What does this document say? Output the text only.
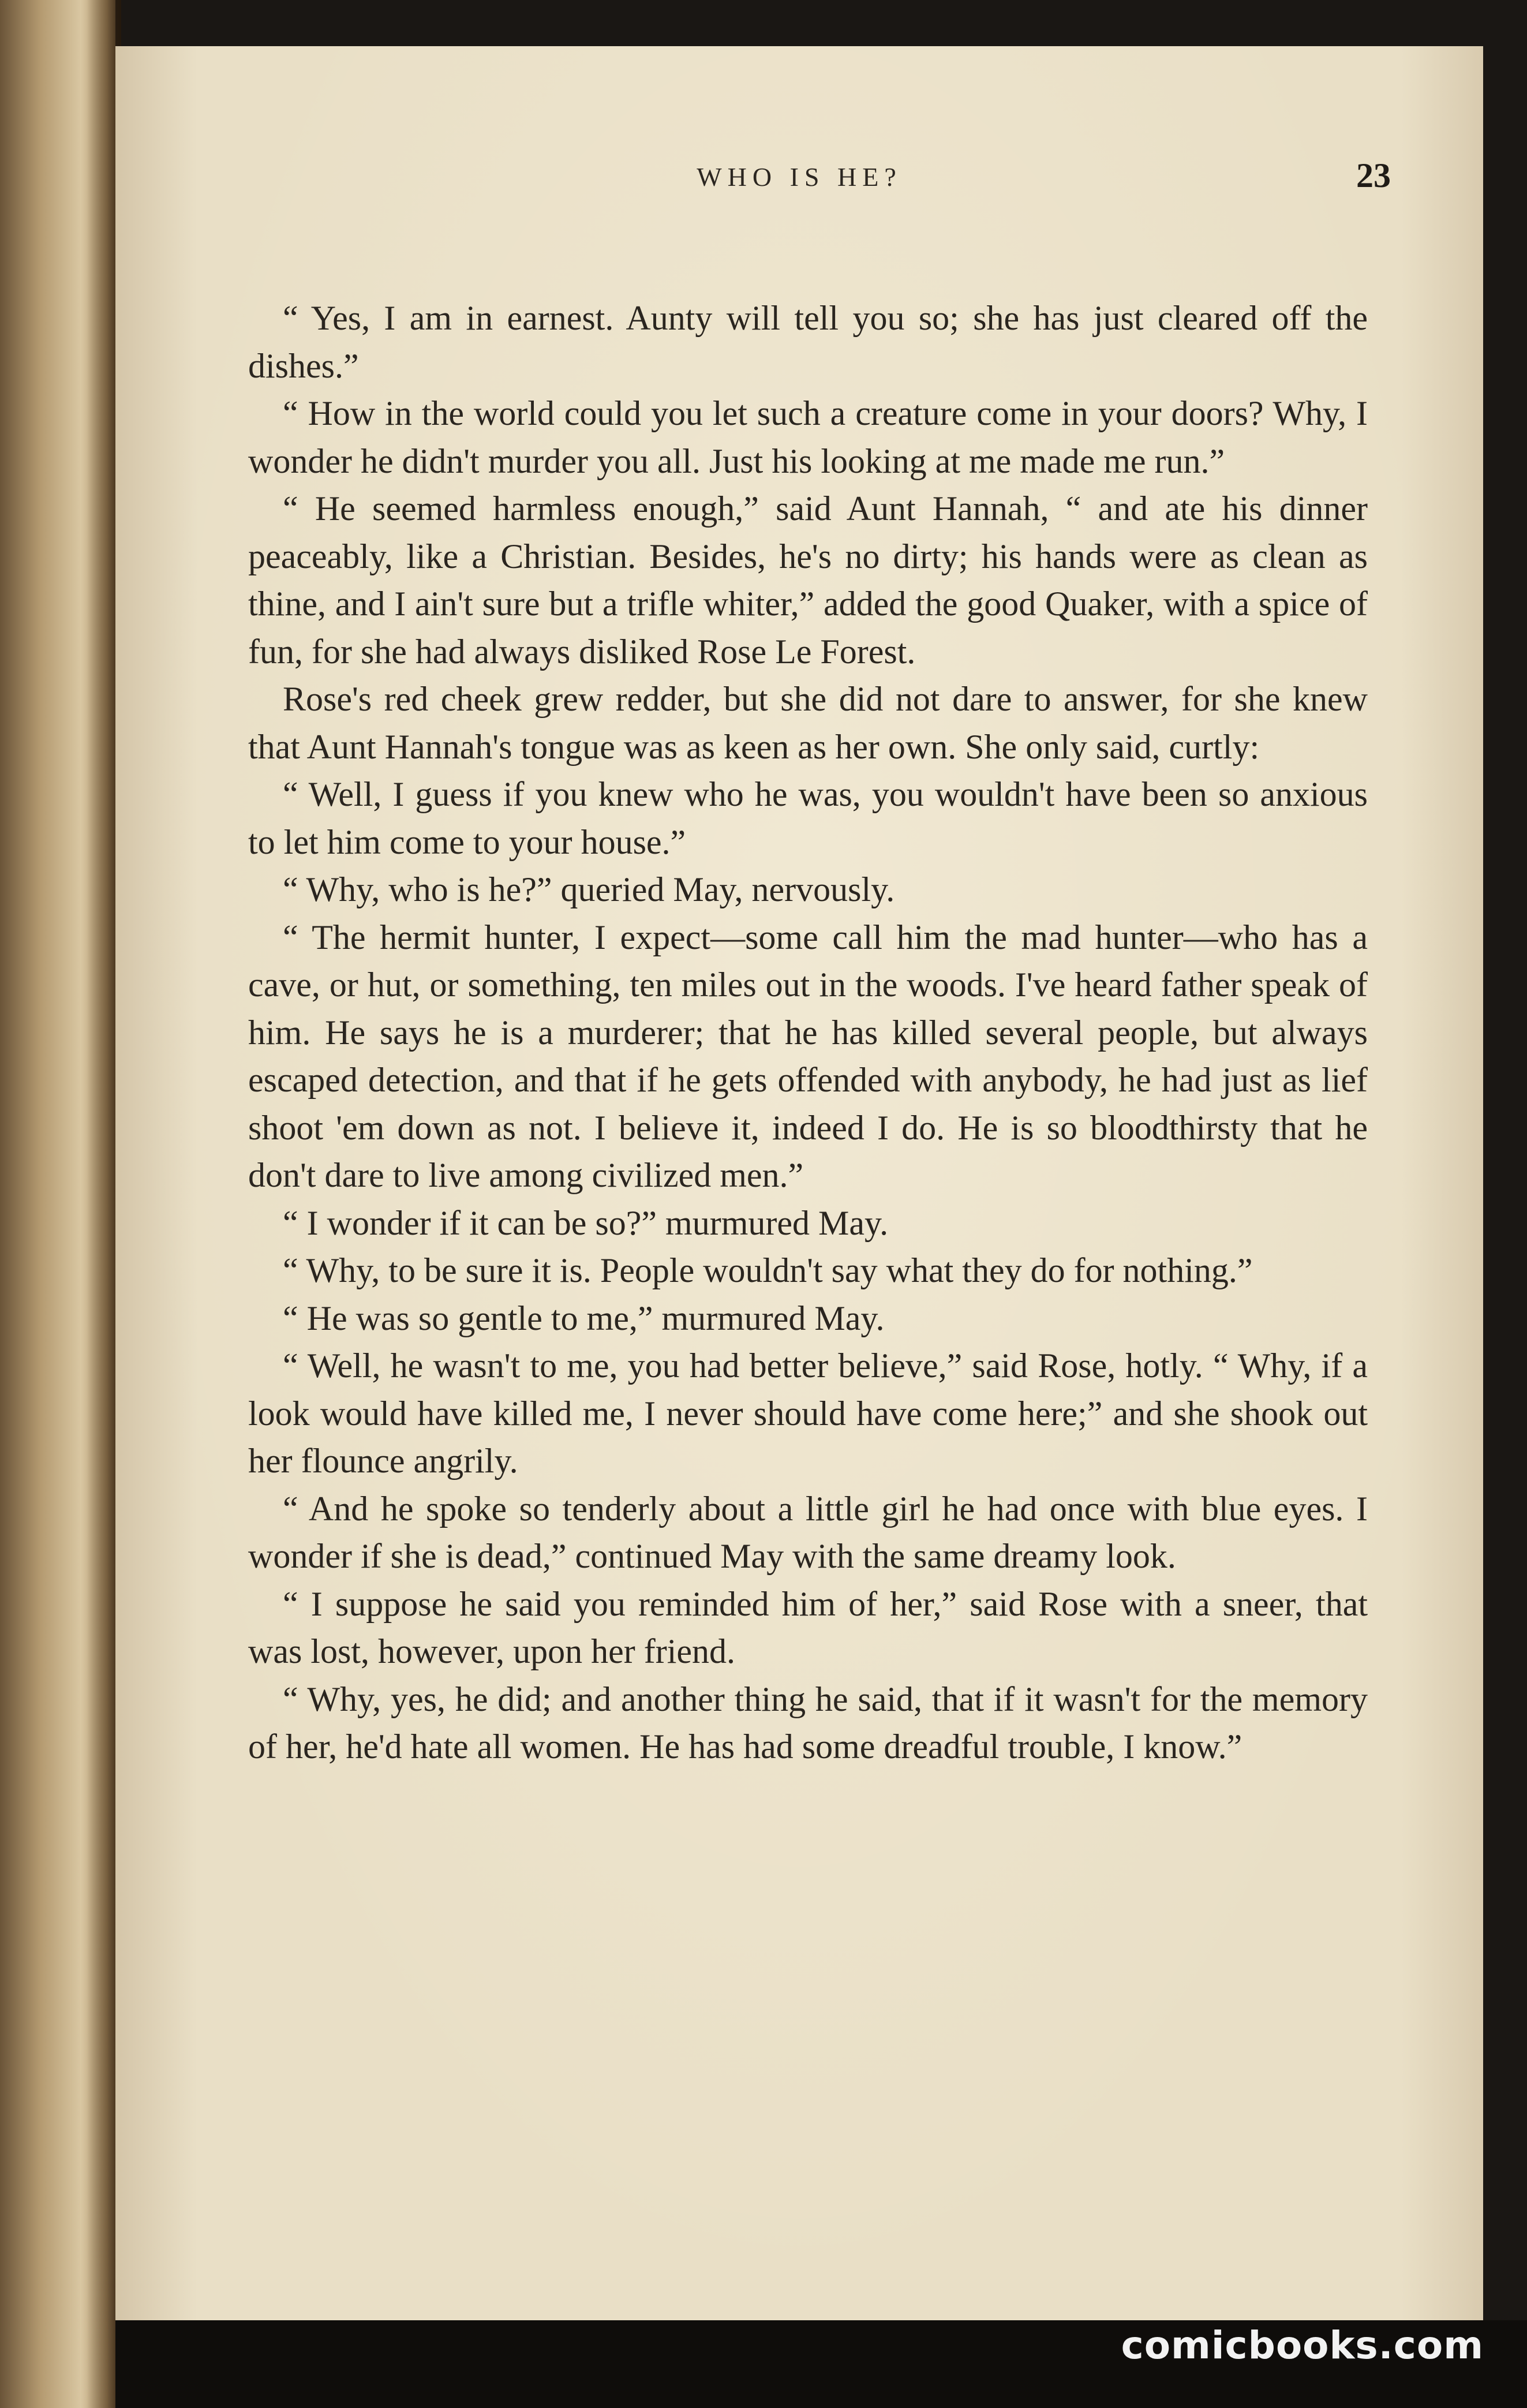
WHO IS HE?	23

“ Yes, I am in earnest. Aunty will tell you so; she has just cleared off the dishes.”

“ How in the world could you let such a creature come in your doors? Why, I wonder he didn't murder you all. Just his looking at me made me run.”

“ He seemed harmless enough,” said Aunt Hannah, “ and ate his dinner peaceably, like a Christian. Besides, he's no dirty; his hands were as clean as thine, and I ain't sure but a trifle whiter,” added the good Quaker, with a spice of fun, for she had always disliked Rose Le Forest.

Rose's red cheek grew redder, but she did not dare to answer, for she knew that Aunt Hannah's tongue was as keen as her own. She only said, curtly:

“ Well, I guess if you knew who he was, you wouldn't have been so anxious to let him come to your house.”

“ Why, who is he?” queried May, nervously.

“ The hermit hunter, I expect—some call him the mad hunter—who has a cave, or hut, or something, ten miles out in the woods. I've heard father speak of him. He says he is a murderer; that he has killed several people, but always escaped detection, and that if he gets offended with anybody, he had just as lief shoot 'em down as not. I believe it, indeed I do. He is so bloodthirsty that he don't dare to live among civilized men.”

“ I wonder if it can be so?” murmured May.

“ Why, to be sure it is. People wouldn't say what they do for nothing.”

“ He was so gentle to me,” murmured May.

“ Well, he wasn't to me, you had better believe,” said Rose, hotly. “ Why, if a look would have killed me, I never should have come here;” and she shook out her flounce angrily.

“ And he spoke so tenderly about a little girl he had once with blue eyes. I wonder if she is dead,” continued May with the same dreamy look.

“ I suppose he said you reminded him of her,” said Rose with a sneer, that was lost, however, upon her friend.

“ Why, yes, he did; and another thing he said, that if it wasn't for the memory of her, he'd hate all women. He has had some dreadful trouble, I know.”

comicbooks.com
